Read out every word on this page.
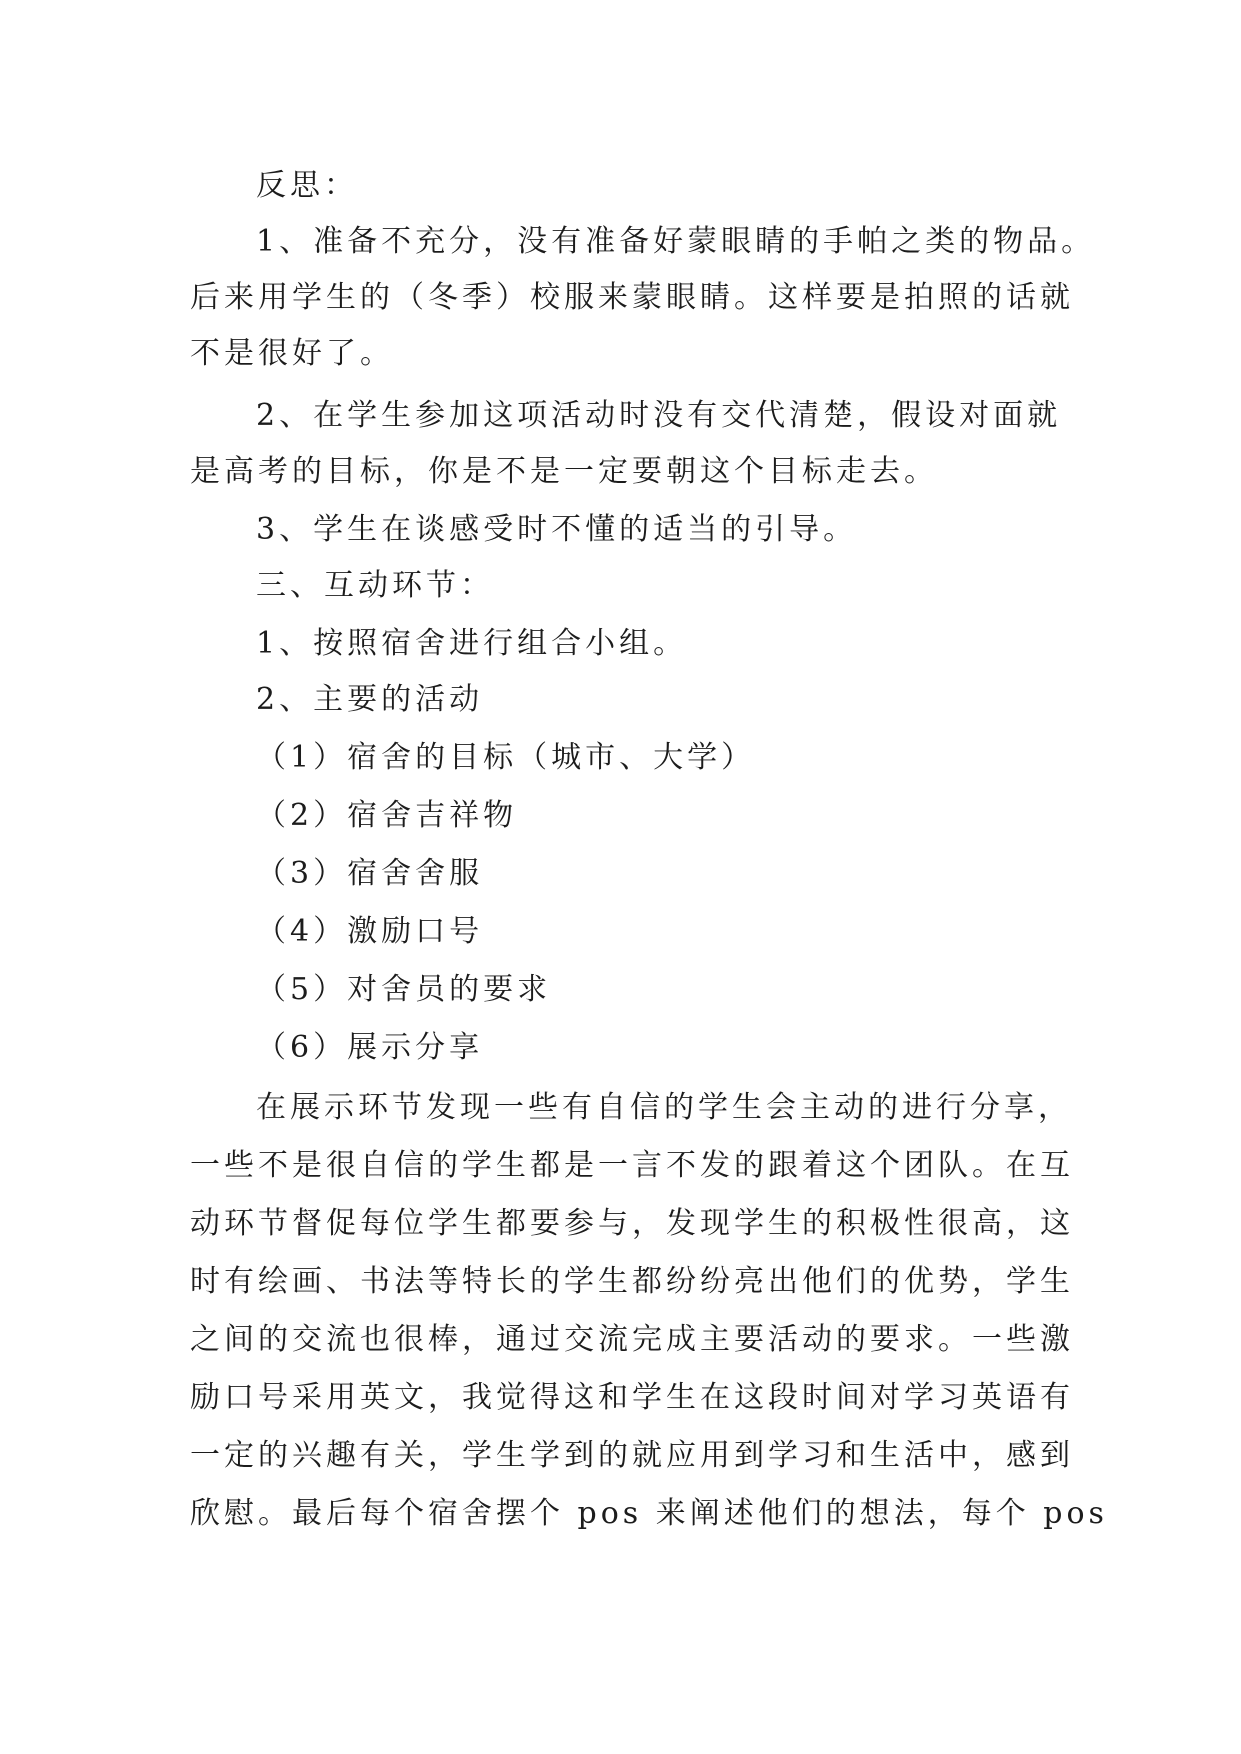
反思：
1、准备不充分，没有准备好蒙眼睛的手帕之类的物品。
后来用学生的（冬季）校服来蒙眼睛。这样要是拍照的话就
不是很好了。
2、在学生参加这项活动时没有交代清楚，假设对面就
是高考的目标，你是不是一定要朝这个目标走去。
3、学生在谈感受时不懂的适当的引导。
三、互动环节：
1、按照宿舍进行组合小组。
2、主要的活动
（1）宿舍的目标（城市、大学）
（2）宿舍吉祥物
（3）宿舍舍服
（4）激励口号
（5）对舍员的要求
（6）展示分享
在展示环节发现一些有自信的学生会主动的进行分享，
一些不是很自信的学生都是一言不发的跟着这个团队。在互
动环节督促每位学生都要参与，发现学生的积极性很高，这
时有绘画、书法等特长的学生都纷纷亮出他们的优势，学生
之间的交流也很棒，通过交流完成主要活动的要求。一些激
励口号采用英文，我觉得这和学生在这段时间对学习英语有
一定的兴趣有关，学生学到的就应用到学习和生活中，感到
欣慰。最后每个宿舍摆个 pos 来阐述他们的想法，每个 pos
